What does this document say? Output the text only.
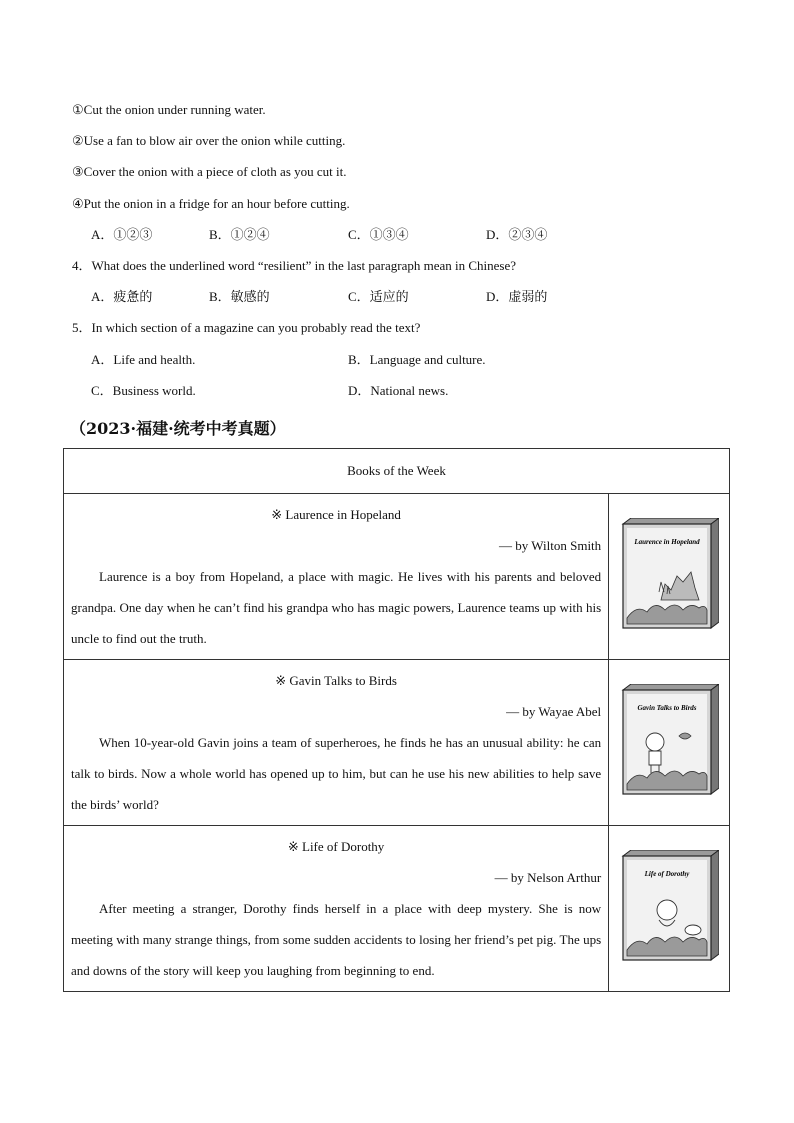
①Cut the onion under running water.
②Use a fan to blow air over the onion while cutting.
③Cover the onion with a piece of cloth as you cut it.
④Put the onion in a fridge for an hour before cutting.
A．①②③	B．①②④	C．①③④	D．②③④
4．What does the underlined word “resilient” in the last paragraph mean in Chinese?
A．疲惫的	B．敏感的	C．适应的	D．虚弱的
5．In which section of a magazine can you probably read the text?
A．Life and health.	B．Language and culture.
C．Business world.	D．National news.
（2023·福建·统考中考真题）
Books of the Week	

※ Laurence in Hopeland
— by Wilton Smith
Laurence is a boy from Hopeland, a place with magic. He lives with his parents and beloved grandpa. One day when he can’t find his grandpa who has magic powers, Laurence teams up with his uncle to find out the truth.	Laurence in Hopeland

※ Gavin Talks to Birds
— by Wayae Abel
When 10-year-old Gavin joins a team of superheroes, he finds he has an unusual ability: he can talk to birds. Now a whole world has opened up to him, but can he use his new abilities to help save the birds’ world?	Gavin Talks to Birds

※ Life of Dorothy
— by Nelson Arthur
After meeting a stranger, Dorothy finds herself in a place with deep mystery. She is now meeting with many strange things, from some sudden accidents to losing her friend’s pet pig. The ups and downs of the story will keep you laughing from beginning to end.	Life of Dorothy
